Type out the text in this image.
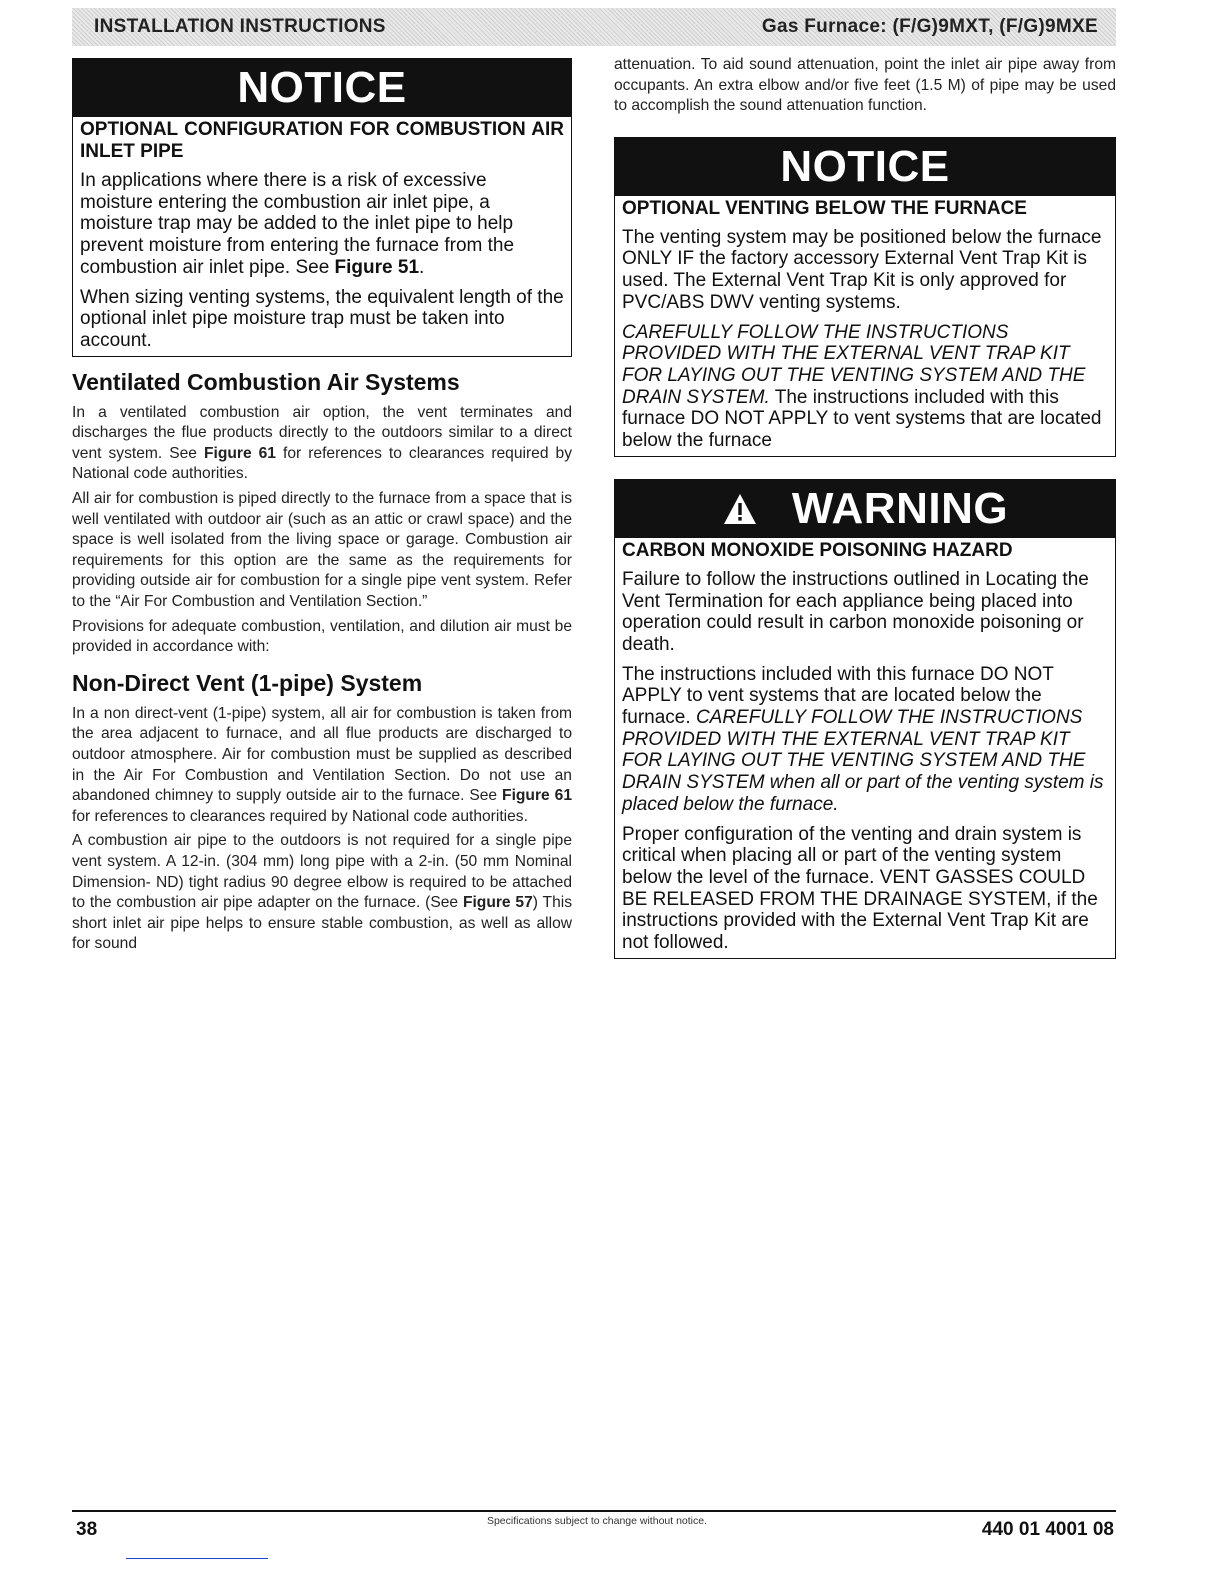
INSTALLATION INSTRUCTIONS	Gas Furnace: (F/G)9MXT, (F/G)9MXE
NOTICE
OPTIONAL CONFIGURATION FOR COMBUSTION AIR INLET PIPE

In applications where there is a risk of excessive moisture entering the combustion air inlet pipe, a moisture trap may be added to the inlet pipe to help prevent moisture from entering the furnace from the combustion air inlet pipe. See Figure 51.

When sizing venting systems, the equivalent length of the optional inlet pipe moisture trap must be taken into account.

Ventilated Combustion Air Systems

In a ventilated combustion air option, the vent terminates and discharges the flue products directly to the outdoors similar to a direct vent system. See Figure 61 for references to clearances required by National code authorities.

All air for combustion is piped directly to the furnace from a space that is well ventilated with outdoor air (such as an attic or crawl space) and the space is well isolated from the living space or garage. Combustion air requirements for this option are the same as the requirements for providing outside air for combustion for a single pipe vent system. Refer to the “Air For Combustion and Ventilation Section.”

Provisions for adequate combustion, ventilation, and dilution air must be provided in accordance with:

Non-Direct Vent (1-pipe) System

In a non direct-vent (1-pipe) system, all air for combustion is taken from the area adjacent to furnace, and all flue products are discharged to outdoor atmosphere. Air for combustion must be supplied as described in the Air For Combustion and Ventilation Section. Do not use an abandoned chimney to supply outside air to the furnace. See Figure 61 for references to clearances required by National code authorities.

A combustion air pipe to the outdoors is not required for a single pipe vent system. A 12-in. (304 mm) long pipe with a 2-in. (50 mm Nominal Dimension- ND) tight radius 90 degree elbow is required to be attached to the combustion air pipe adapter on the furnace. (See Figure 57) This short inlet air pipe helps to ensure stable combustion, as well as allow for sound

attenuation. To aid sound attenuation, point the inlet air pipe away from occupants. An extra elbow and/or five feet (1.5 M) of pipe may be used to accomplish the sound attenuation function.

NOTICE
OPTIONAL VENTING BELOW THE FURNACE

The venting system may be positioned below the furnace ONLY IF the factory accessory External Vent Trap Kit is used. The External Vent Trap Kit is only approved for PVC/ABS DWV venting systems.

CAREFULLY FOLLOW THE INSTRUCTIONS PROVIDED WITH THE EXTERNAL VENT TRAP KIT FOR LAYING OUT THE VENTING SYSTEM AND THE DRAIN SYSTEM. The instructions included with this furnace DO NOT APPLY to vent systems that are located below the furnace

WARNING
CARBON MONOXIDE POISONING HAZARD

Failure to follow the instructions outlined in Locating the Vent Termination for each appliance being placed into operation could result in carbon monoxide poisoning or death.

The instructions included with this furnace DO NOT APPLY to vent systems that are located below the furnace. CAREFULLY FOLLOW THE INSTRUCTIONS PROVIDED WITH THE EXTERNAL VENT TRAP KIT FOR LAYING OUT THE VENTING SYSTEM AND THE DRAIN SYSTEM when all or part of the venting system is placed below the furnace.

Proper configuration of the venting and drain system is critical when placing all or part of the venting system below the level of the furnace. VENT GASSES COULD BE RELEASED FROM THE DRAINAGE SYSTEM, if the instructions provided with the External Vent Trap Kit are not followed.

38	Specifications subject to change without notice.	440 01 4001 08
